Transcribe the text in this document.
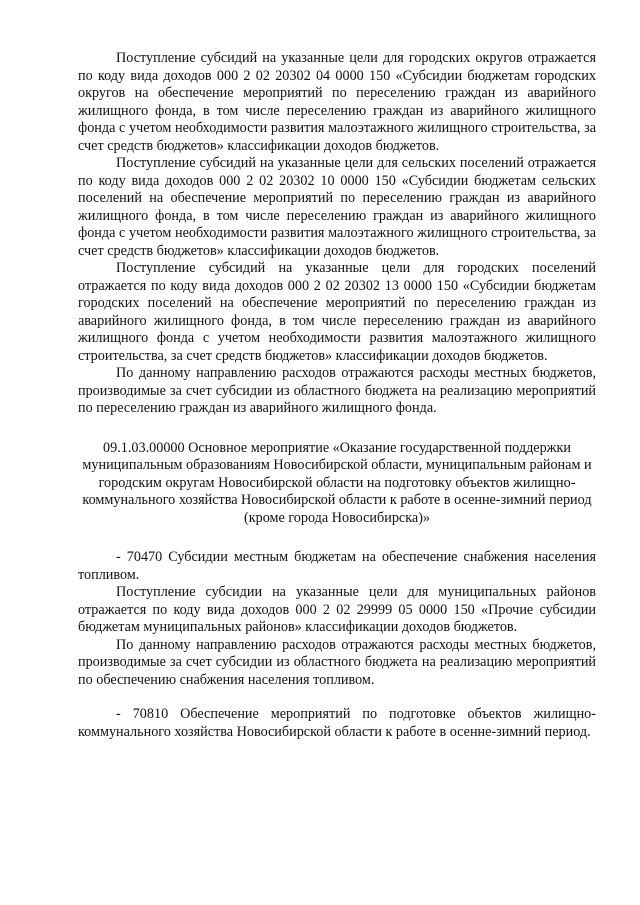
Поступление субсидий на указанные цели для городских округов отражается по коду вида доходов 000 2 02 20302 04 0000 150 «Субсидии бюджетам городских округов на обеспечение мероприятий по переселению граждан из аварийного жилищного фонда, в том числе переселению граждан из аварийного жилищного фонда с учетом необходимости развития малоэтажного жилищного строительства, за счет средств бюджетов» классификации доходов бюджетов.

Поступление субсидий на указанные цели для сельских поселений отражается по коду вида доходов 000 2 02 20302 10 0000 150 «Субсидии бюджетам сельских поселений на обеспечение мероприятий по переселению граждан из аварийного жилищного фонда, в том числе переселению граждан из аварийного жилищного фонда с учетом необходимости развития малоэтажного жилищного строительства, за счет средств бюджетов» классификации доходов бюджетов.

Поступление субсидий на указанные цели для городских поселений отражается по коду вида доходов 000 2 02 20302 13 0000 150 «Субсидии бюджетам городских поселений на обеспечение мероприятий по переселению граждан из аварийного жилищного фонда, в том числе переселению граждан из аварийного жилищного фонда с учетом необходимости развития малоэтажного жилищного строительства, за счет средств бюджетов» классификации доходов бюджетов.

По данному направлению расходов отражаются расходы местных бюджетов, производимые за счет субсидии из областного бюджета на реализацию мероприятий по переселению граждан из аварийного жилищного фонда.

09.1.03.00000 Основное мероприятие «Оказание государственной поддержки муниципальным образованиям Новосибирской области, муниципальным районам и городским округам Новосибирской области на подготовку объектов жилищно-коммунального хозяйства Новосибирской области к работе в осенне-зимний период (кроме города Новосибирска)»

- 70470 Субсидии местным бюджетам на обеспечение снабжения населения топливом.

Поступление субсидии на указанные цели для муниципальных районов отражается по коду вида доходов 000 2 02 29999 05 0000 150 «Прочие субсидии бюджетам муниципальных районов» классификации доходов бюджетов.

По данному направлению расходов отражаются расходы местных бюджетов, производимые за счет субсидии из областного бюджета на реализацию мероприятий по обеспечению снабжения населения топливом.

- 70810 Обеспечение мероприятий по подготовке объектов жилищно-коммунального хозяйства Новосибирской области к работе в осенне-зимний период.
